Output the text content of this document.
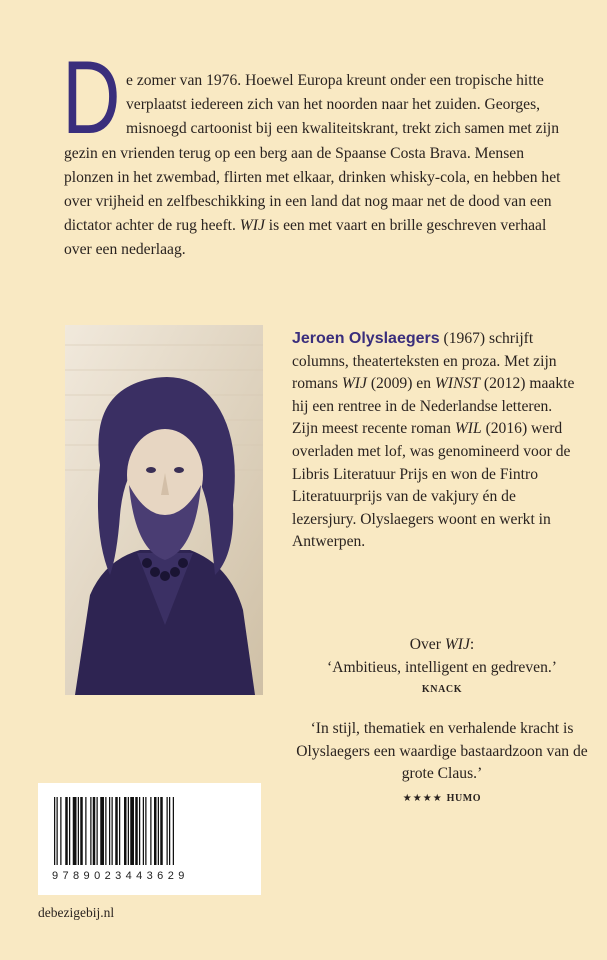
D e zomer van 1976. Hoewel Europa kreunt onder een tropische hitte verplaatst iedereen zich van het noorden naar het zuiden. Georges, misnoegd cartoonist bij een kwaliteitskrant, trekt zich samen met zijn gezin en vrienden terug op een berg aan de Spaanse Costa Brava. Mensen plonzen in het zwembad, flirten met elkaar, drinken whisky-cola, en hebben het over vrijheid en zelfbeschikking in een land dat nog maar net de dood van een dictator achter de rug heeft. WIJ is een met vaart en brille geschreven verhaal over een nederlaag.

Jeroen Olyslaegers (1967) schrijft columns, theaterteksten en proza. Met zijn romans WIJ (2009) en WINST (2012) maakte hij een rentree in de Nederlandse letteren. Zijn meest recente roman WIL (2016) werd overladen met lof, was genomineerd voor de Libris Literatuur Prijs en won de Fintro Literatuurprijs van de vakjury én de lezersjury. Olyslaegers woont en werkt in Antwerpen.
Over WIJ:
‘Ambitieus, intelligent en gedreven.’
KNACK
‘In stijl, thematiek en verhalende kracht is Olyslaegers een waardige bastaardzoon van de grote Claus.’
★★★★ HUMO
9789023443629
debezigebij.nl
